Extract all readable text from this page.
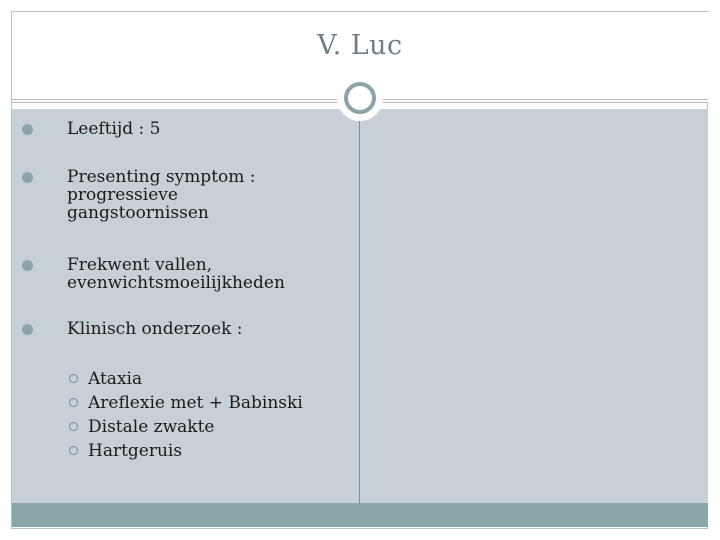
V. Luc
Leeftijd : 5
Presenting symptom :
progressieve
gangstoornissen
Frekwent vallen,
evenwichtsmoeilijkheden
Klinisch onderzoek :
Ataxia
Areflexie met + Babinski
Distale zwakte
Hartgeruis
